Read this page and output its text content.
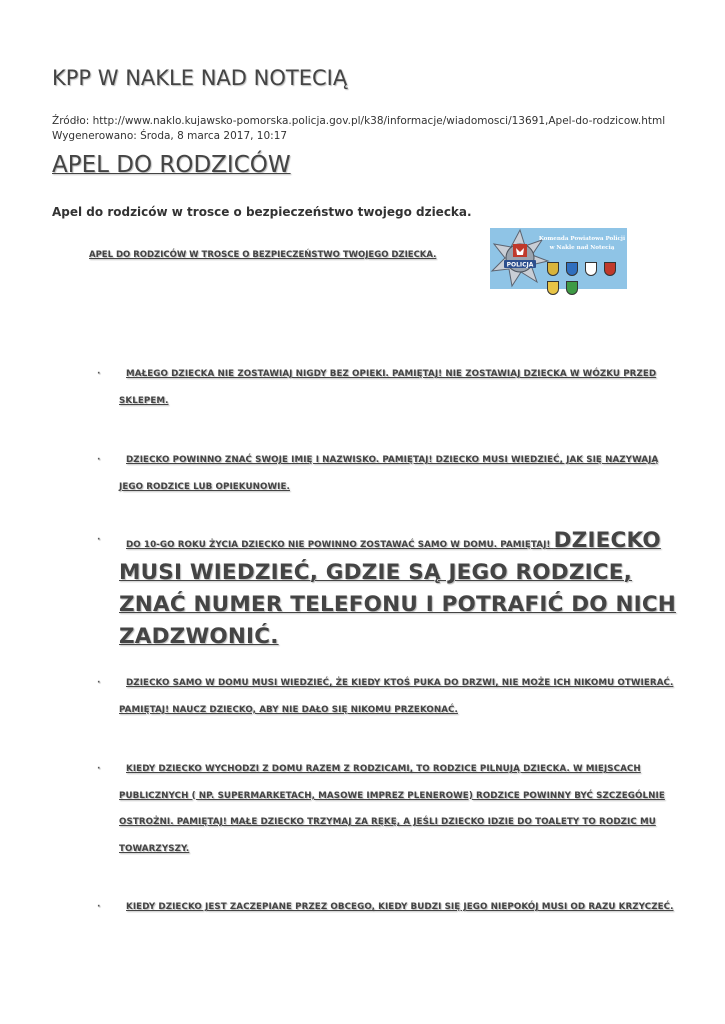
KPP W NAKLE NAD NOTECIĄ
Źródło: http://www.naklo.kujawsko-pomorska.policja.gov.pl/k38/informacje/wiadomosci/13691,Apel-do-rodzicow.html
Wygenerowano: Środa, 8 marca 2017, 10:17
APEL DO RODZICÓW
Apel do rodziców w trosce o bezpieczeństwo twojego dziecka.
APEL DO RODZICÓW W TROSCE O BEZPIECZEŃSTWO TWOJEGO DZIECKA.
POLICJA
Komenda Powiatowa Policji
w Nakle nad Notecią

·	MAŁEGO DZIECKA NIE ZOSTAWIAJ NIGDY BEZ OPIEKI. PAMIĘTAJ! NIE ZOSTAWIAJ DZIECKA W WÓZKU PRZED SKLEPEM.
·	DZIECKO POWINNO ZNAĆ SWOJE IMIĘ I NAZWISKO. PAMIĘTAJ! DZIECKO MUSI WIEDZIEĆ, JAK SIĘ NAZYWAJĄ JEGO RODZICE LUB OPIEKUNOWIE.
·	DO 10-GO ROKU ŻYCIA DZIECKO NIE POWINNO ZOSTAWAĆ SAMO W DOMU. PAMIĘTAJ! DZIECKO MUSI WIEDZIEĆ, GDZIE SĄ JEGO RODZICE, ZNAĆ NUMER TELEFONU I POTRAFIĆ DO NICH ZADZWONIĆ.
·	DZIECKO SAMO W DOMU MUSI WIEDZIEĆ, ŻE KIEDY KTOŚ PUKA DO DRZWI, NIE MOŻE ICH NIKOMU OTWIERAĆ. PAMIĘTAJ! NAUCZ DZIECKO, ABY NIE DAŁO SIĘ NIKOMU PRZEKONAĆ.
·	KIEDY DZIECKO WYCHODZI Z DOMU RAZEM Z RODZICAMI, TO RODZICE PILNUJĄ DZIECKA. W MIEJSCACH PUBLICZNYCH ( NP. SUPERMARKETACH, MASOWE IMPREZ PLENEROWE) RODZICE POWINNY BYĆ SZCZEGÓLNIE OSTROŻNI. PAMIĘTAJ! MAŁE DZIECKO TRZYMAJ ZA RĘKĘ, A JEŚLI DZIECKO IDZIE DO TOALETY TO RODZIC MU TOWARZYSZY.
·	KIEDY DZIECKO JEST ZACZEPIANE PRZEZ OBCEGO, KIEDY BUDZI SIĘ JEGO NIEPOKÓJ MUSI OD RAZU KRZYCZEĆ.
